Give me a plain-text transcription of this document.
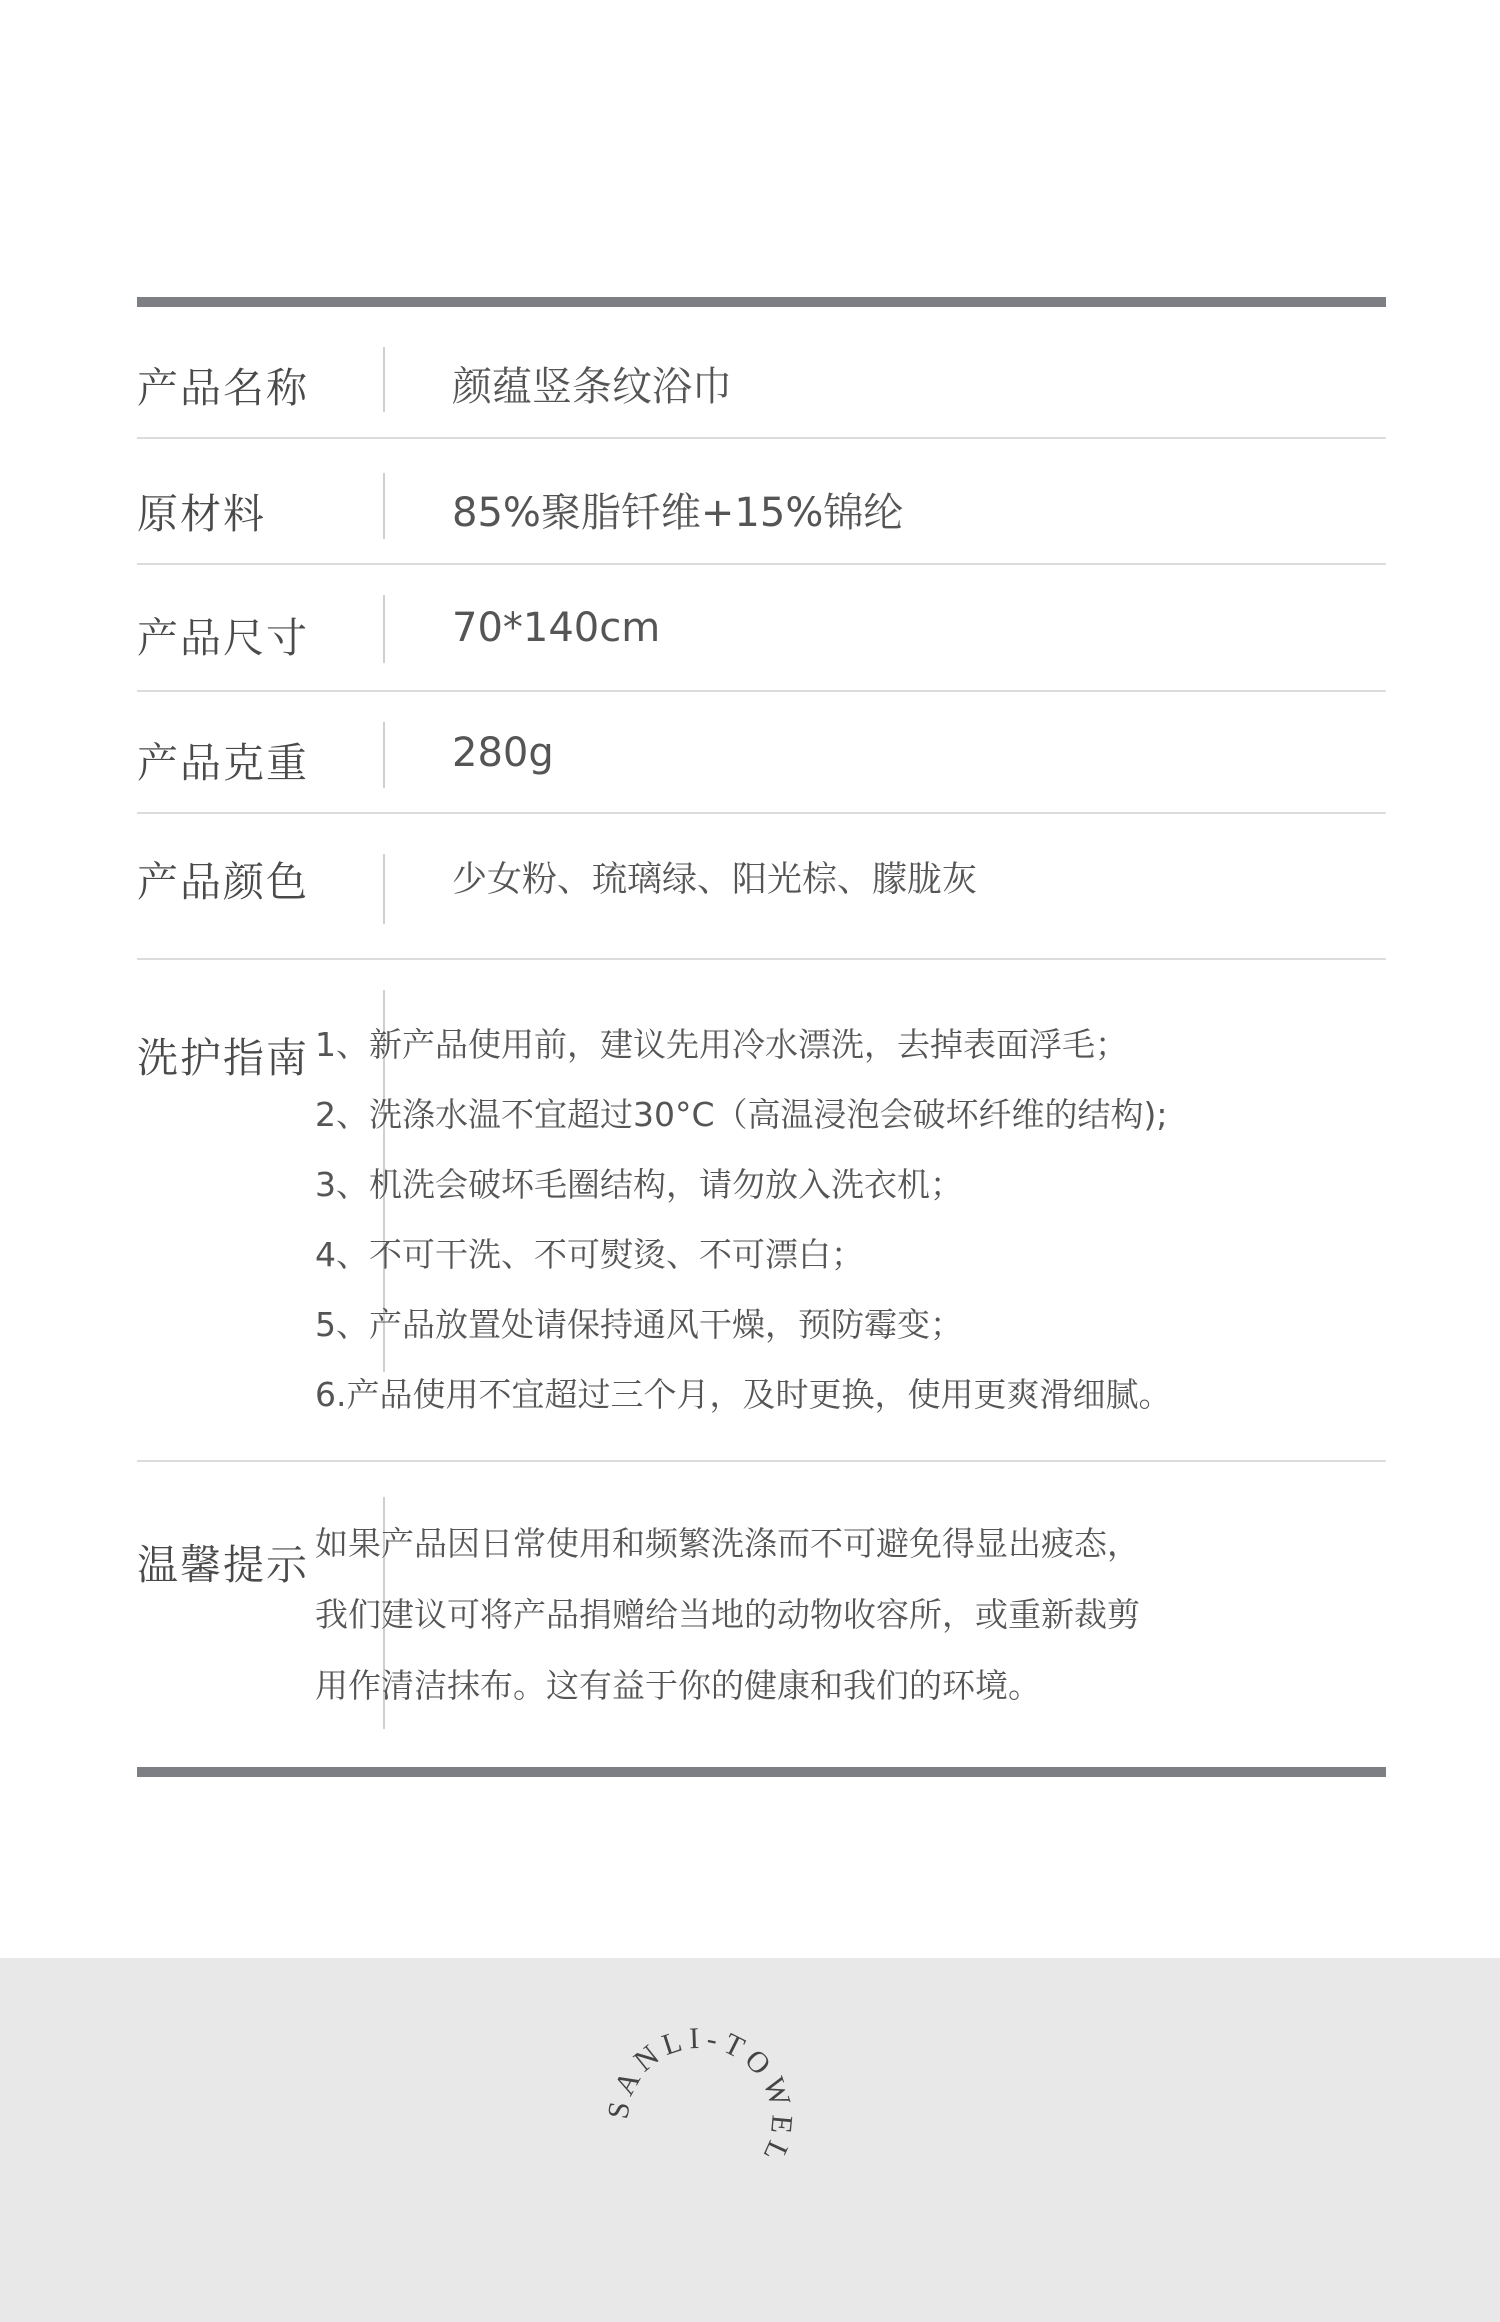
产品名称	颜蕴竖条纹浴巾
原材料	85%聚脂钎维+15%锦纶
产品尺寸	70*140cm
产品克重	280g
产品颜色	少女粉、琉璃绿、阳光棕、朦胧灰
洗护指南 1、新产品使用前，建议先用冷水漂洗，去掉表面浮毛；
2、洗涤水温不宜超过30°C（高温浸泡会破坏纤维的结构);
3、机洗会破坏毛圈结构，请勿放入洗衣机；
4、不可干洗、不可熨烫、不可漂白；
5、产品放置处请保持通风干燥，预防霉变；
6.产品使用不宜超过三个月，及时更换，使用更爽滑细腻。
温馨提示 如果产品因日常使用和频繁洗涤而不可避免得显出疲态，
我们建议可将产品捐赠给当地的动物收容所，或重新裁剪
用作清洁抹布。这有益于你的健康和我们的环境。
SANLI-TOWEL
